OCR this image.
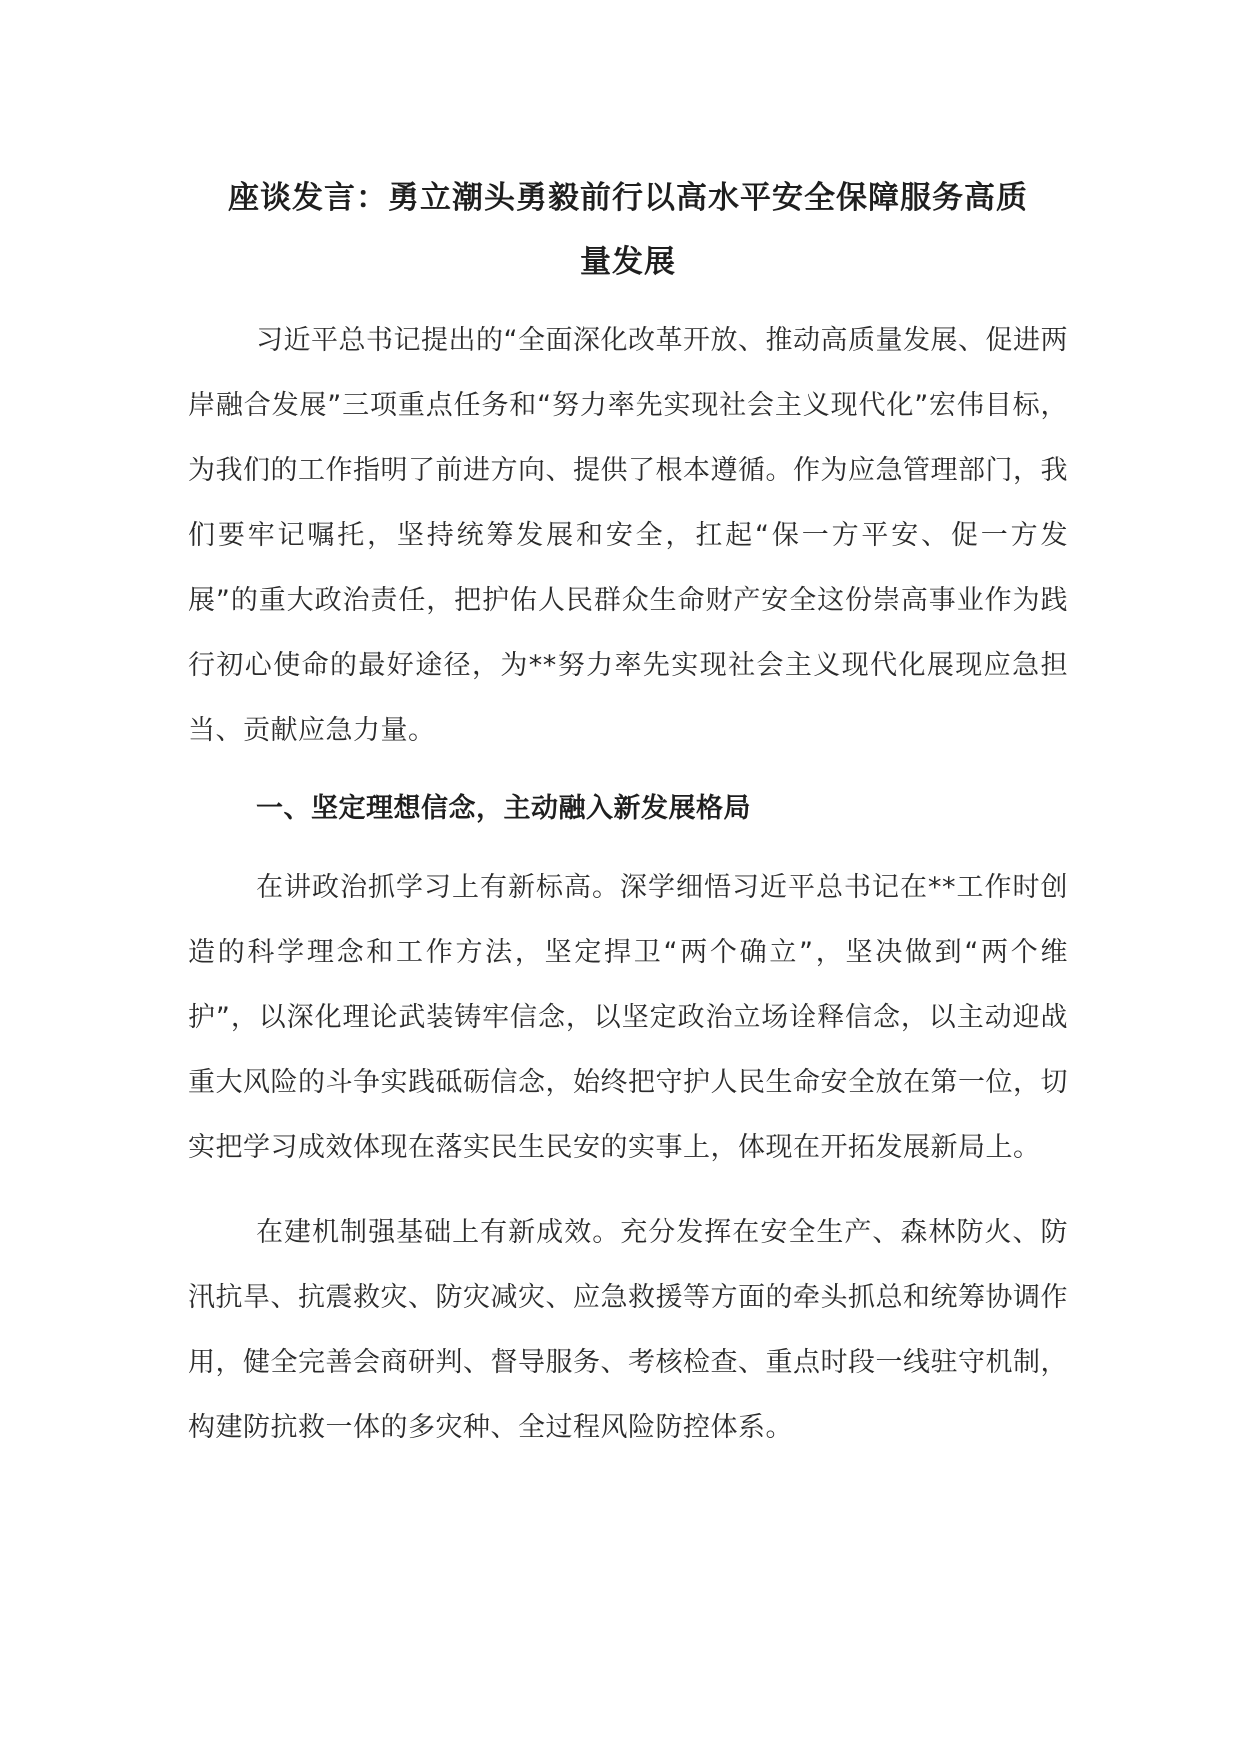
座谈发言：勇立潮头勇毅前行以高水平安全保障服务高质
量发展

习近平总书记提出的“全面深化改革开放、推动高质量发展、促进两岸融合发展”三项重点任务和“努力率先实现社会主义现代化”宏伟目标，为我们的工作指明了前进方向、提供了根本遵循。作为应急管理部门，我们要牢记嘱托，坚持统筹发展和安全，扛起“保一方平安、促一方发展”的重大政治责任，把护佑人民群众生命财产安全这份崇高事业作为践行初心使命的最好途径，为**努力率先实现社会主义现代化展现应急担当、贡献应急力量。

一、坚定理想信念，主动融入新发展格局

在讲政治抓学习上有新标高。深学细悟习近平总书记在**工作时创造的科学理念和工作方法，坚定捍卫“两个确立”，坚决做到“两个维护”，以深化理论武装铸牢信念，以坚定政治立场诠释信念，以主动迎战重大风险的斗争实践砥砺信念，始终把守护人民生命安全放在第一位，切实把学习成效体现在落实民生民安的实事上，体现在开拓发展新局上。

在建机制强基础上有新成效。充分发挥在安全生产、森林防火、防汛抗旱、抗震救灾、防灾减灾、应急救援等方面的牵头抓总和统筹协调作用，健全完善会商研判、督导服务、考核检查、重点时段一线驻守机制，构建防抗救一体的多灾种、全过程风险防控体系。
